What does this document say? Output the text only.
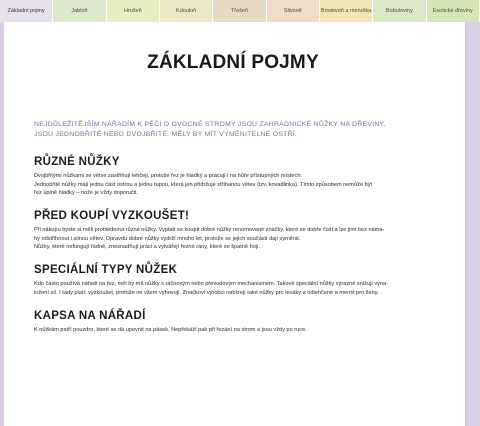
Základní pojmy	Jabloň	Hrušeň	Kdouloň	Třešeň	Slivoně	Broskvoň a meruňka	Bobuloviny	Exotické dřeviny
ZÁKLADNÍ POJMY
NEJDŮLEŽITĚJŠÍM NÁŘADÍM K PÉČI O OVOCNÉ STROMY JSOU ZAHRADNICKÉ NŮŽKY NA DŘEVINY.
JSOU JEDNOBŘITÉ NEBO DVOJBŘITÉ. MĚLY BY MÍT VYMĚNITELNÉ OSTŘÍ.
RŮZNÉ NŮŽKY
Dvojbřitými nůžkami se větve zastřihují lehčeji, protože řez je hladký a pracují i na hůře přístupných místech.
Jednobřité nůžky mají jednu část ostrou a jednu tupou, která jen přidržuje stříhanou větev (tzv. kovadlinka). Tímto způsobem nemůže být
řez úplně hladký – nože je vždy doporučit.
PŘED KOUPÍ VYZKOUŠET!
Při nákupu byste si měli prohlédnout různé nůžky. Vyplatí se koupit dobré nůžky renomované značky, které se dobře čistí a lze jimi bez náma-
hy odstřihnout i silnou větev. Opravdu dobré nůžky vydrží mnoho let, protože se jejich součásti dají vyměnit.
Nůžky, které nefungují řádně, znesnadňují práci a vytvářejí řezné rány, které se špatně hojí.
SPECIÁLNÍ TYPY NŮŽEK
Kdo často používá nářadí na řez, měl by mít nůžky s ráčnovým nebo převodovým mechanismem. Takové speciální nůžky výrazně snižují vyna-
ložení síl. I tady platí: vyzkoušet, protože ne všem vyhovují. Značkoví výrobci nabízejí také nůžky pro leváky a odlehčené a menší pro ženy.
KAPSA NA NÁŘADÍ
K nůžkám patří pouzdro, které se dá upevnit na pásek. Nepřekáží pak při řezání na strom a jsou vždy po ruce.
